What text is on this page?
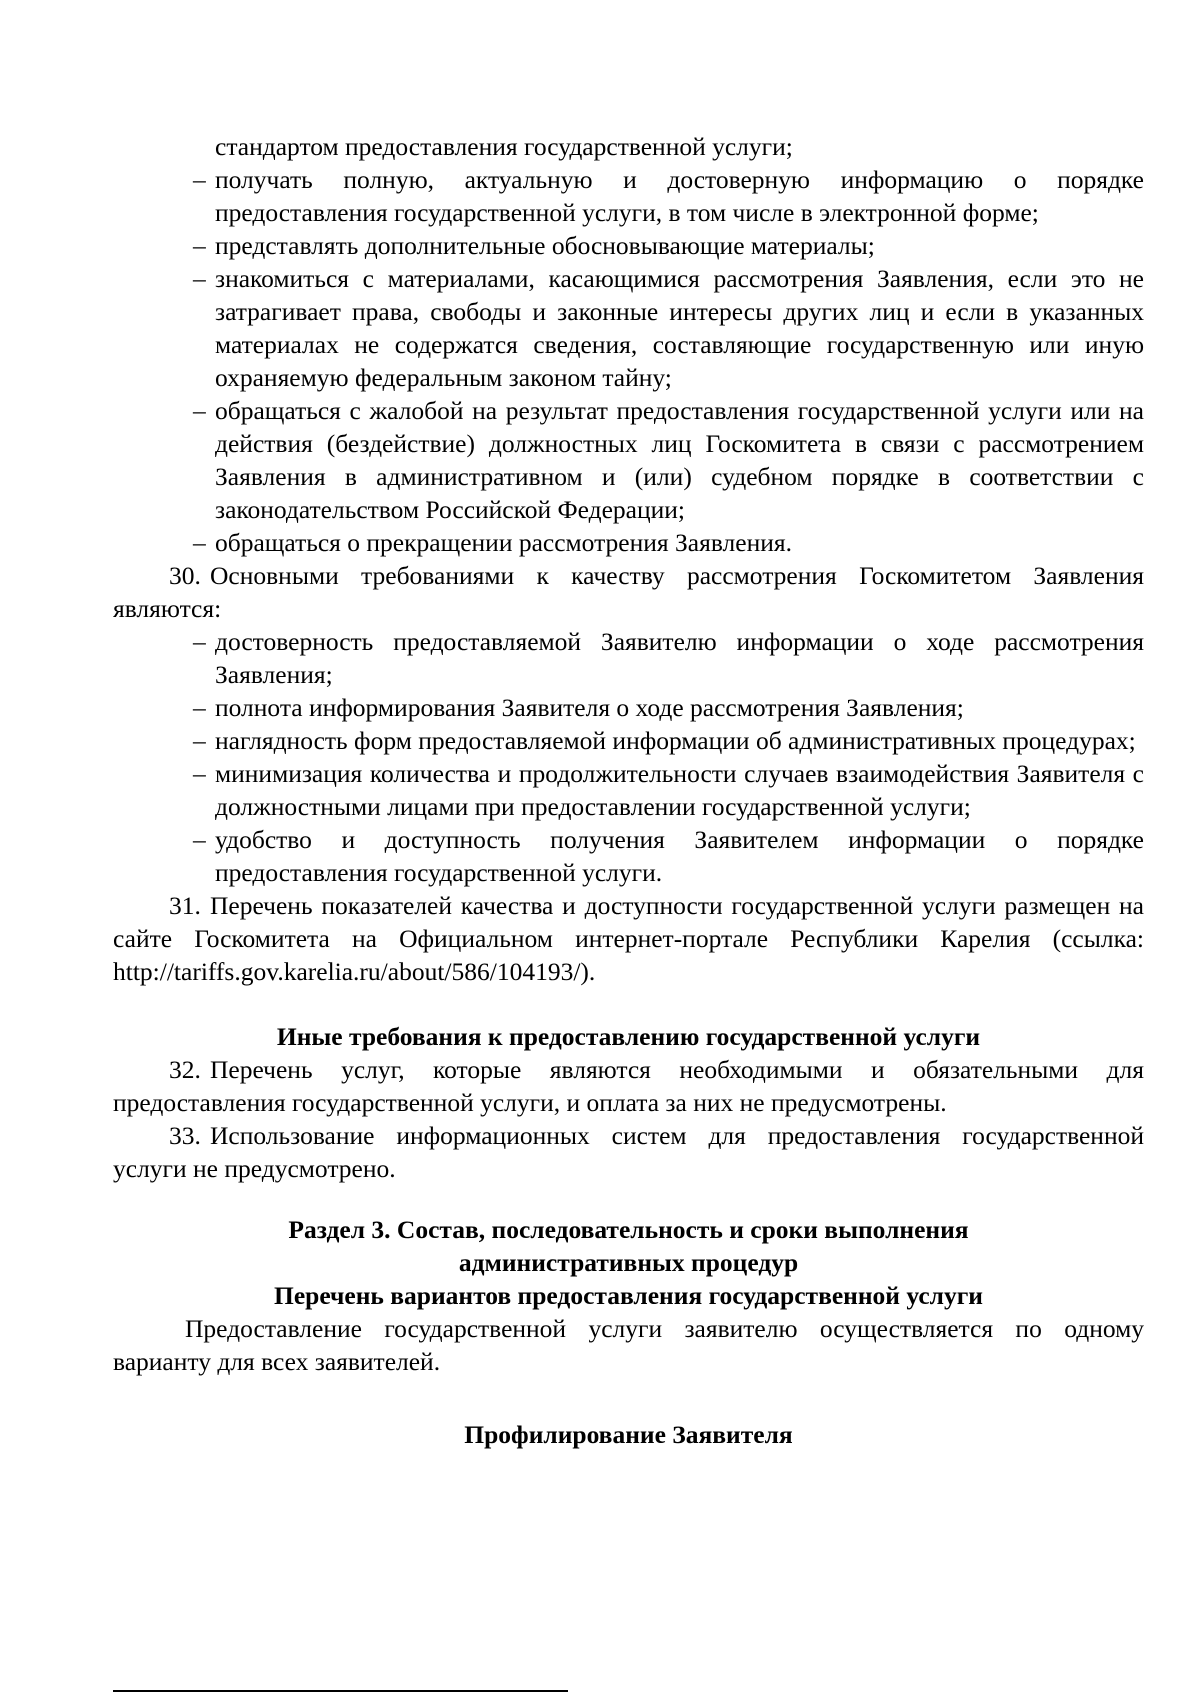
стандартом предоставления государственной услуги;
– получать полную, актуальную и достоверную информацию о порядке предоставления государственной услуги, в том числе в электронной форме;
– представлять дополнительные обосновывающие материалы;
– знакомиться с материалами, касающимися рассмотрения Заявления, если это не затрагивает права, свободы и законные интересы других лиц и если в указанных материалах не содержатся сведения, составляющие государственную или иную охраняемую федеральным законом тайну;
– обращаться с жалобой на результат предоставления государственной услуги или на действия (бездействие) должностных лиц Госкомитета в связи с рассмотрением Заявления в административном и (или) судебном порядке в соответствии с законодательством Российской Федерации;
– обращаться о прекращении рассмотрения Заявления.
30. Основными требованиями к качеству рассмотрения Госкомитетом Заявления являются:
– достоверность предоставляемой Заявителю информации о ходе рассмотрения Заявления;
– полнота информирования Заявителя о ходе рассмотрения Заявления;
– наглядность форм предоставляемой информации об административных процедурах;
– минимизация количества и продолжительности случаев взаимодействия Заявителя с должностными лицами при предоставлении государственной услуги;
– удобство и доступность получения Заявителем информации о порядке предоставления государственной услуги.
31. Перечень показателей качества и доступности государственной услуги размещен на сайте Госкомитета на Официальном интернет-портале Республики Карелия (ссылка: http://tariffs.gov.karelia.ru/about/586/104193/).
Иные требования к предоставлению государственной услуги
32. Перечень услуг, которые являются необходимыми и обязательными для предоставления государственной услуги, и оплата за них не предусмотрены.
33. Использование информационных систем для предоставления государственной услуги не предусмотрено.
Раздел 3. Состав, последовательность и сроки выполнения
административных процедур
Перечень вариантов предоставления государственной услуги
Предоставление государственной услуги заявителю осуществляется по одному варианту для всех заявителей.
Профилирование Заявителя
